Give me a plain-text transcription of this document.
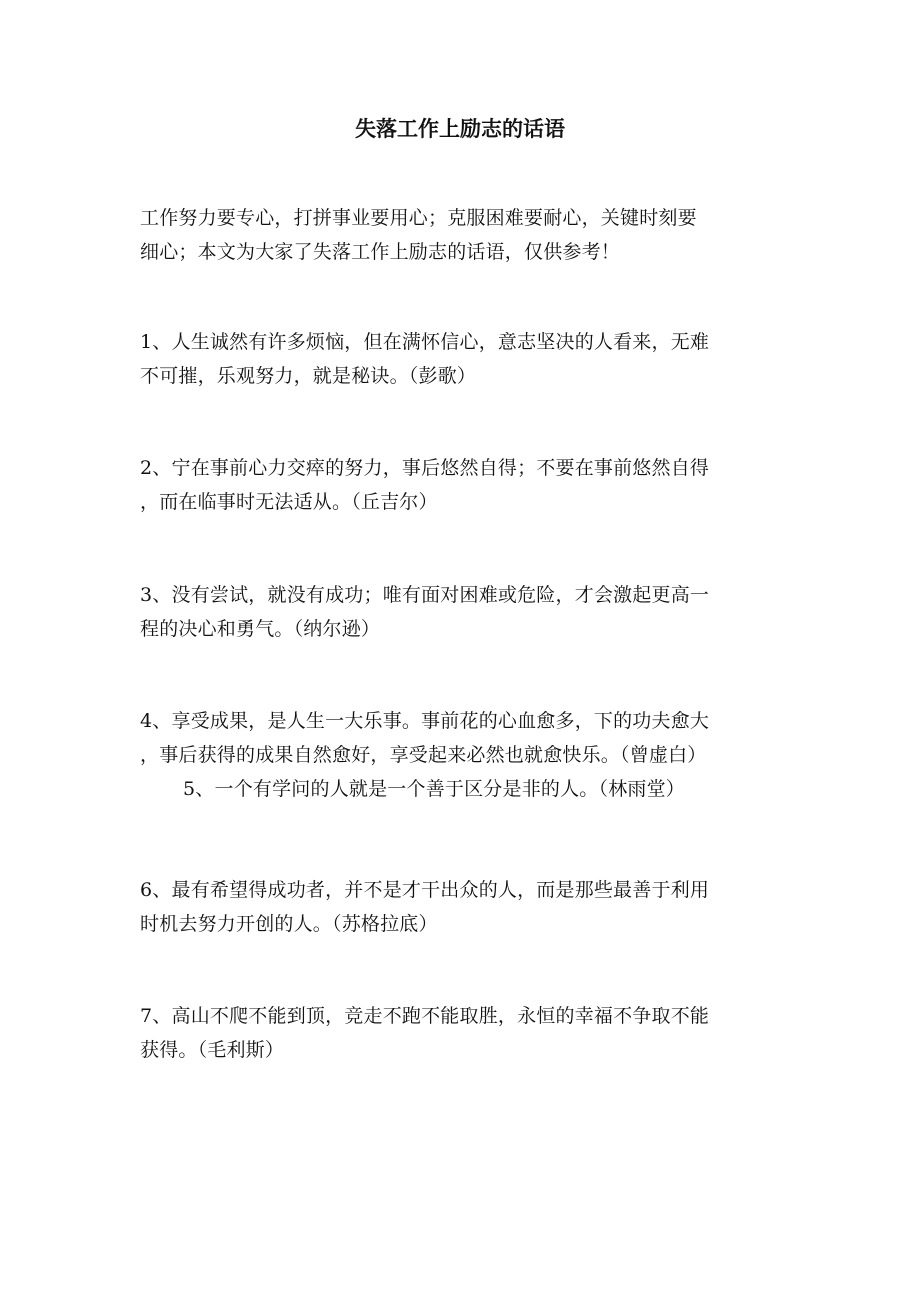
失落工作上励志的话语

工作努力要专心，打拼事业要用心；克服困难要耐心，关键时刻要
细心；本文为大家了失落工作上励志的话语，仅供参考！

1、人生诚然有许多烦恼，但在满怀信心，意志坚决的人看来，无难
不可摧，乐观努力，就是秘诀。（彭歌）

2、宁在事前心力交瘁的努力，事后悠然自得；不要在事前悠然自得
，而在临事时无法适从。（丘吉尔）

3、没有尝试，就没有成功；唯有面对困难或危险，才会激起更高一
程的决心和勇气。（纳尔逊）

4、享受成果，是人生一大乐事。事前花的心血愈多，下的功夫愈大
，事后获得的成果自然愈好，享受起来必然也就愈快乐。（曾虚白）
5、一个有学问的人就是一个善于区分是非的人。（林雨堂）

6、最有希望得成功者，并不是才干出众的人，而是那些最善于利用
时机去努力开创的人。（苏格拉底）

7、高山不爬不能到顶，竞走不跑不能取胜，永恒的幸福不争取不能
获得。（毛利斯）
